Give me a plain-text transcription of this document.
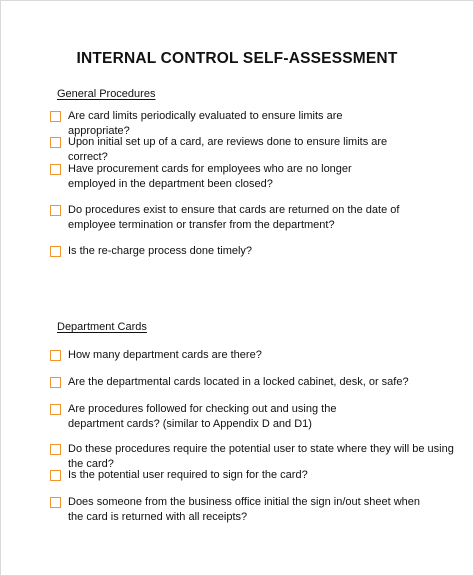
INTERNAL CONTROL SELF-ASSESSMENT
General Procedures
Are card limits periodically evaluated to ensure limits are appropriate?
Upon initial set up of a card, are reviews done to ensure limits are correct?
Have procurement cards for employees who are no longer employed in the department been closed?
Do procedures exist to ensure that cards are returned on the date of employee termination or transfer from the department?
Is the re-charge process done timely?
Department Cards
How many department cards are there?
Are the departmental cards located in a locked cabinet, desk, or safe?
Are procedures followed for checking out and using the department cards? (similar to Appendix D and D1)
Do these procedures require the potential user to state where they will be using the card?
Is the potential user required to sign for the card?
Does someone from the business office initial the sign in/out sheet when the card is returned with all receipts?
